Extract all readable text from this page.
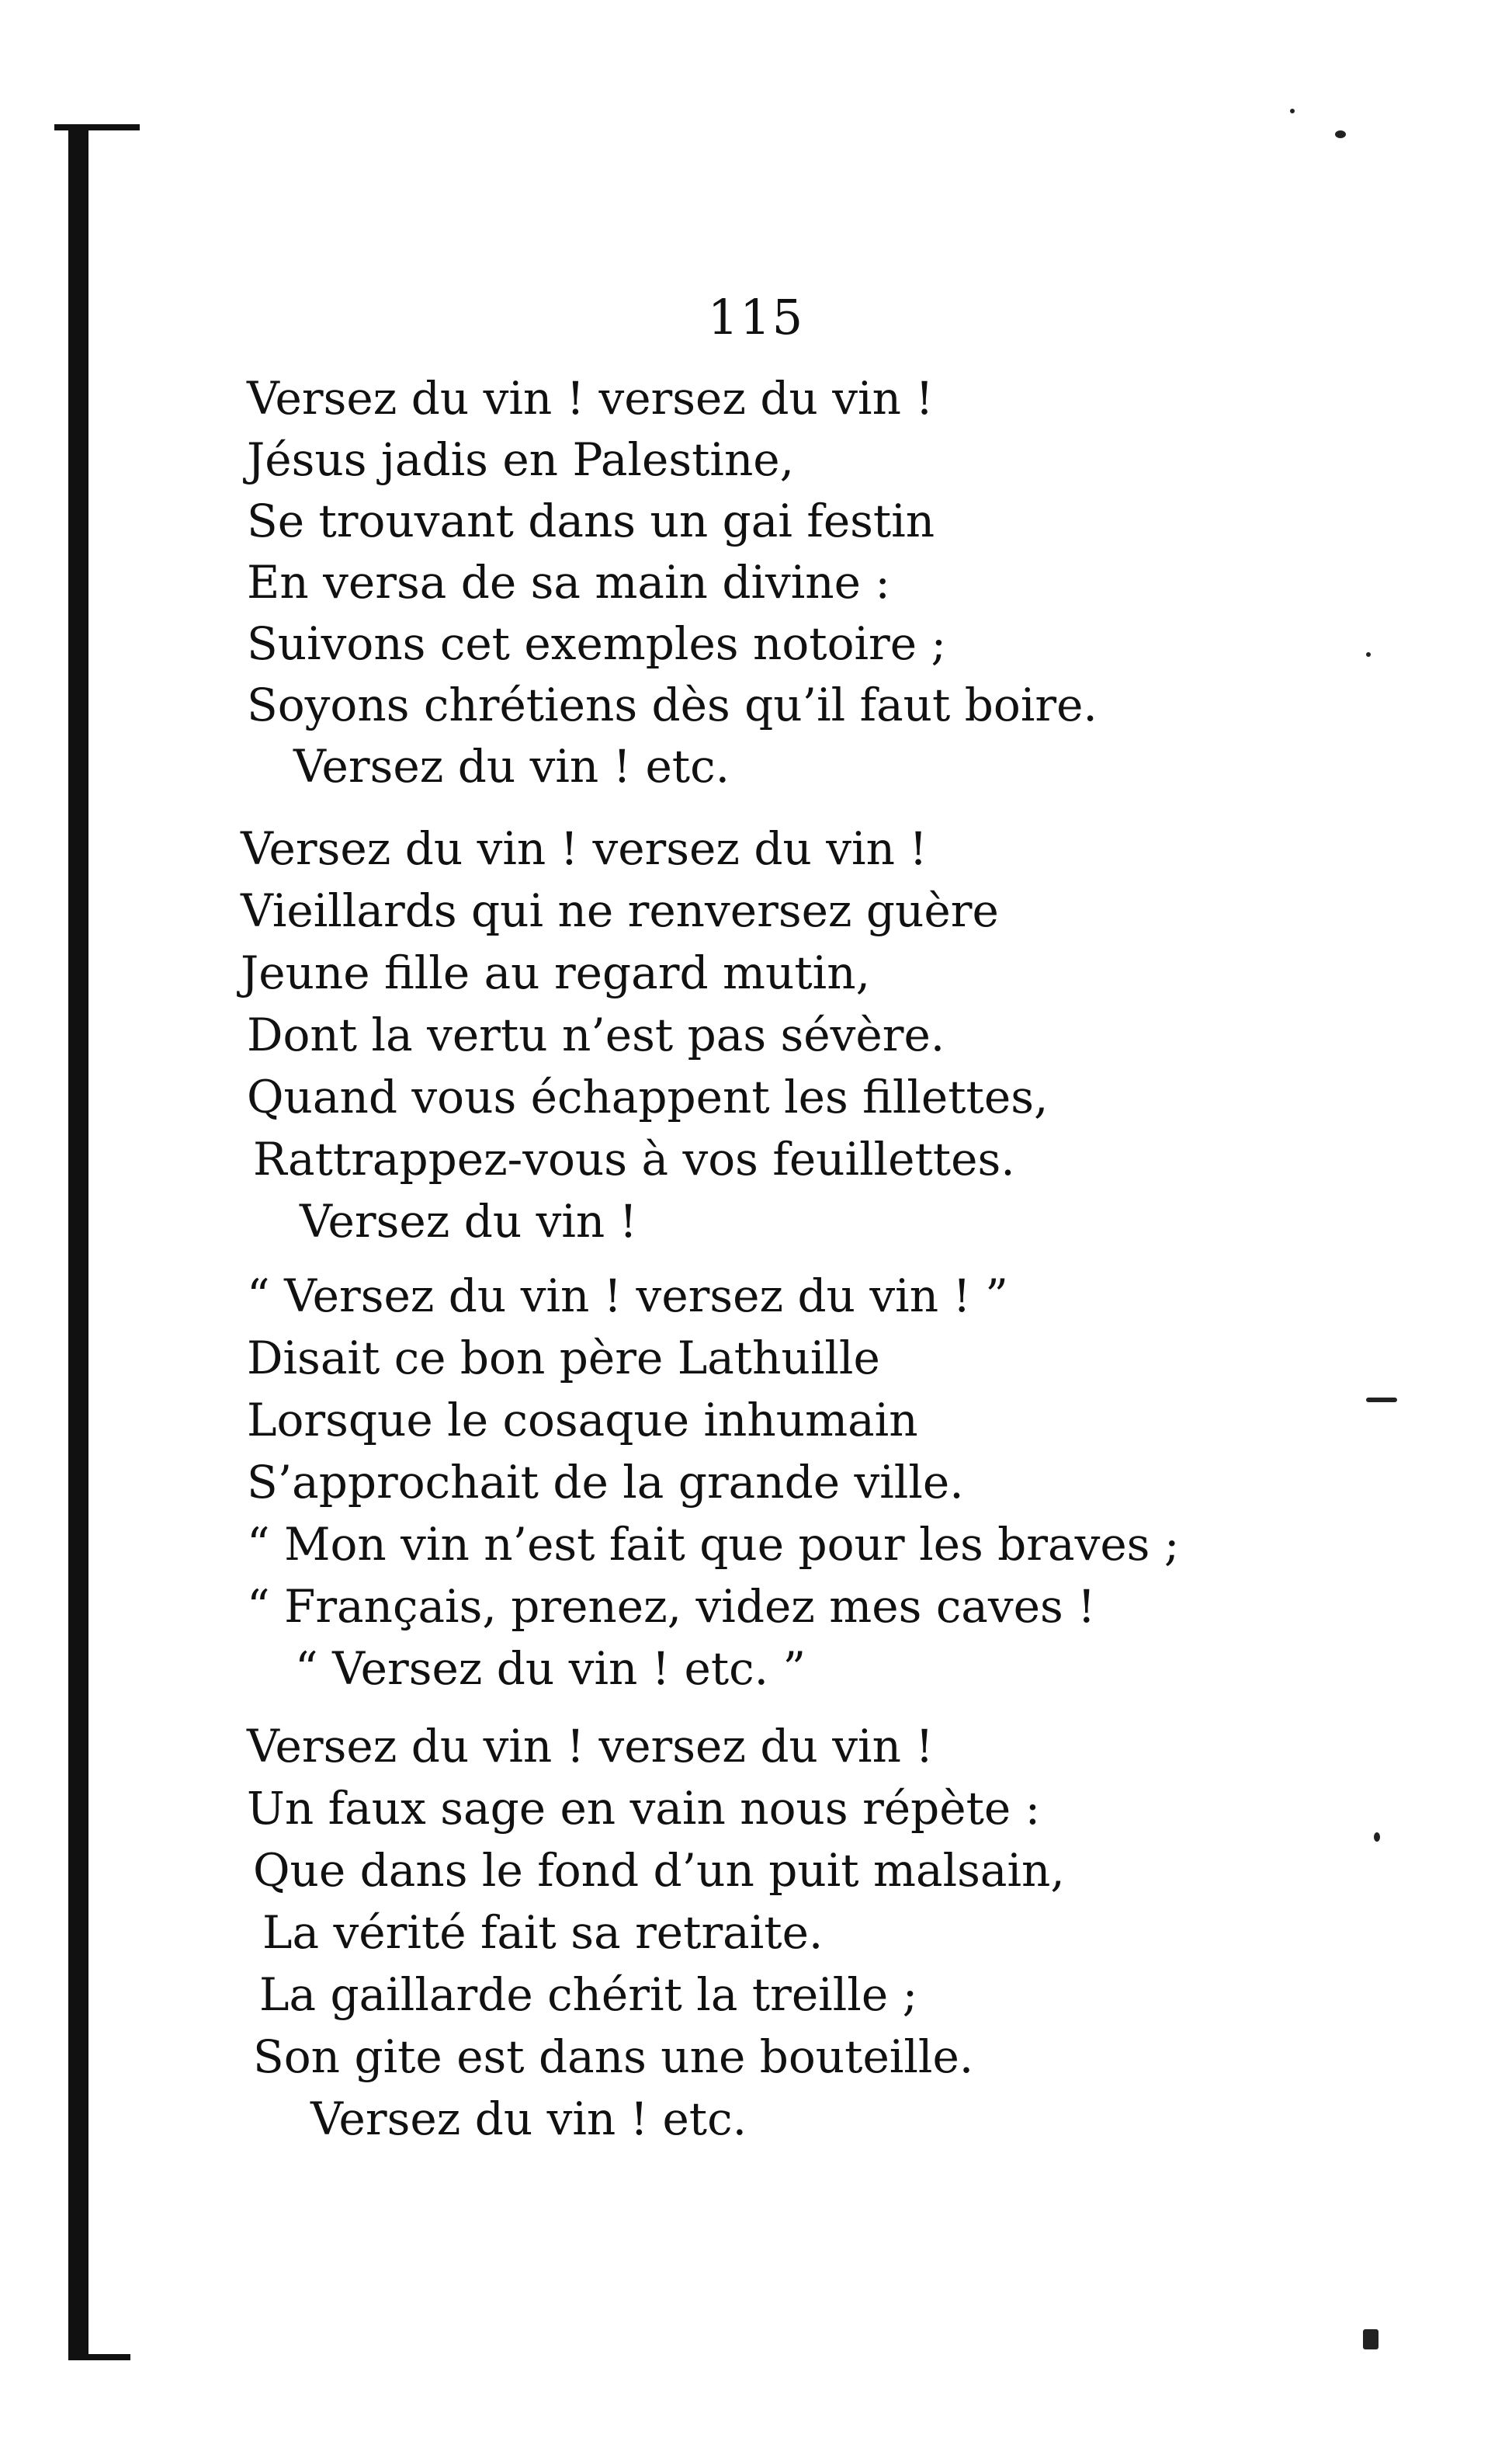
115
Versez du vin ! versez du vin !
Jésus jadis en Palestine,
Se trouvant dans un gai festin
En versa de sa main divine :
Suivons cet exemples notoire ;
Soyons chrétiens dès qu’il faut boire.
Versez du vin ! etc.
Versez du vin ! versez du vin !
Vieillards qui ne renversez guère
Jeune fille au regard mutin,
Dont la vertu n’est pas sévère.
Quand vous échappent les fillettes,
Rattrappez-vous à vos feuillettes.
Versez du vin !
“ Versez du vin ! versez du vin ! ”
Disait ce bon père Lathuille
Lorsque le cosaque inhumain
S’approchait de la grande ville.
“ Mon vin n’est fait que pour les braves ;
“ Français, prenez, videz mes caves !
“ Versez du vin ! etc. ”
Versez du vin ! versez du vin !
Un faux sage en vain nous répète :
Que dans le fond d’un puit malsain,
La vérité fait sa retraite.
La gaillarde chérit la treille ;
Son gite est dans une bouteille.
Versez du vin ! etc.
